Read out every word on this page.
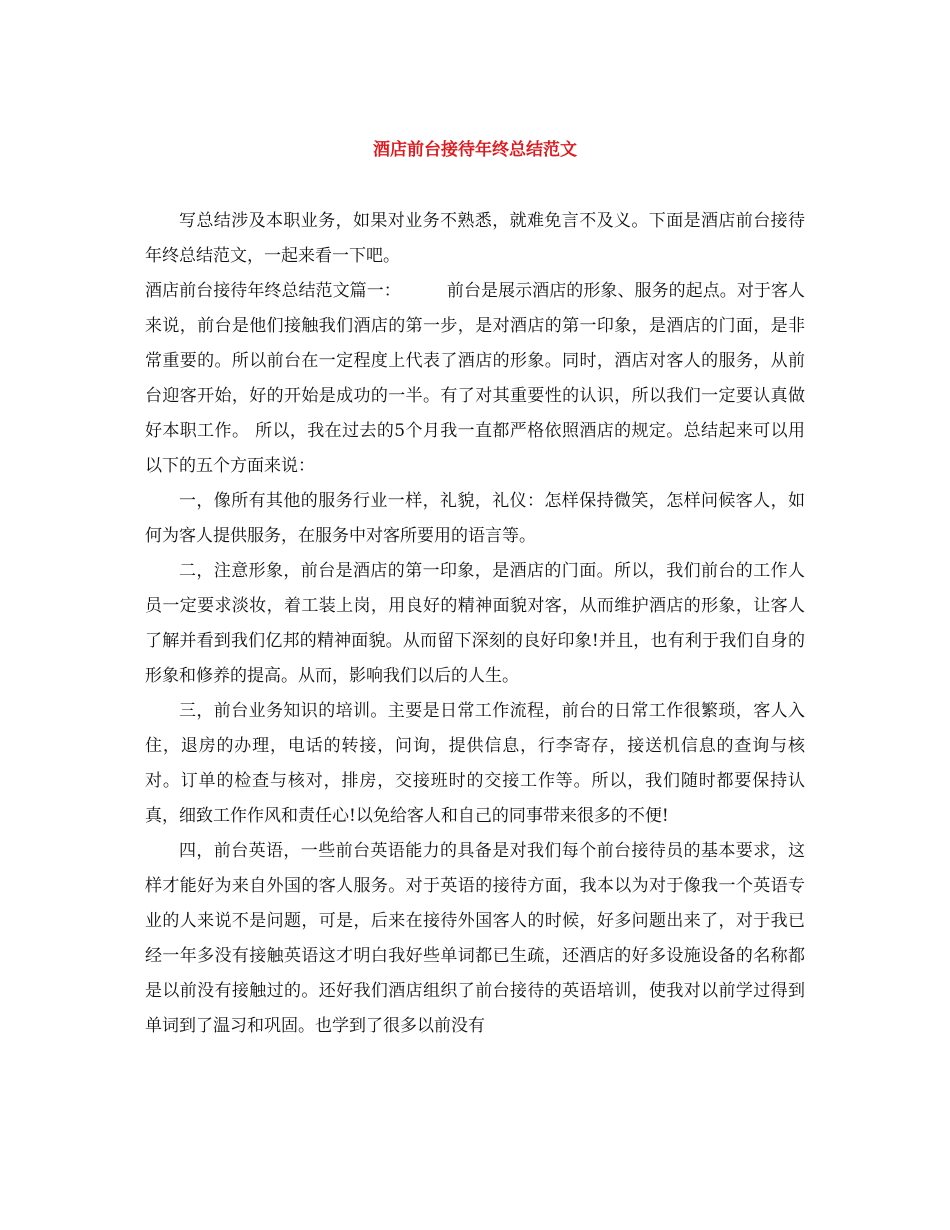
酒店前台接待年终总结范文

写总结涉及本职业务，如果对业务不熟悉，就难免言不及义。下面是酒店前台接待年终总结范文，一起来看一下吧。

酒店前台接待年终总结范文篇一：	前台是展示酒店的形象、服务的起点。对于客人来说，前台是他们接触我们酒店的第一步，是对酒店的第一印象，是酒店的门面，是非常重要的。所以前台在一定程度上代表了酒店的形象。同时，酒店对客人的服务，从前台迎客开始，好的开始是成功的一半。有了对其重要性的认识，所以我们一定要认真做好本职工作。 所以，我在过去的5个月我一直都严格依照酒店的规定。总结起来可以用以下的五个方面来说：

一，像所有其他的服务行业一样，礼貌，礼仪：怎样保持微笑，怎样问候客人，如何为客人提供服务，在服务中对客所要用的语言等。

二，注意形象，前台是酒店的第一印象，是酒店的门面。所以，我们前台的工作人员一定要求淡妆，着工装上岗，用良好的精神面貌对客，从而维护酒店的形象，让客人了解并看到我们亿邦的精神面貌。从而留下深刻的良好印象!并且，也有利于我们自身的形象和修养的提高。从而，影响我们以后的人生。

三，前台业务知识的培训。主要是日常工作流程，前台的日常工作很繁琐，客人入住，退房的办理，电话的转接，问询，提供信息，行李寄存，接送机信息的查询与核对。订单的检查与核对，排房，交接班时的交接工作等。所以，我们随时都要保持认真，细致工作作风和责任心!以免给客人和自己的同事带来很多的不便!

四，前台英语，一些前台英语能力的具备是对我们每个前台接待员的基本要求，这样才能好为来自外国的客人服务。对于英语的接待方面，我本以为对于像我一个英语专业的人来说不是问题，可是，后来在接待外国客人的时候，好多问题出来了，对于我已经一年多没有接触英语这才明白我好些单词都已生疏，还酒店的好多设施设备的名称都是以前没有接触过的。还好我们酒店组织了前台接待的英语培训，使我对以前学过得到单词到了温习和巩固。也学到了很多以前没有
